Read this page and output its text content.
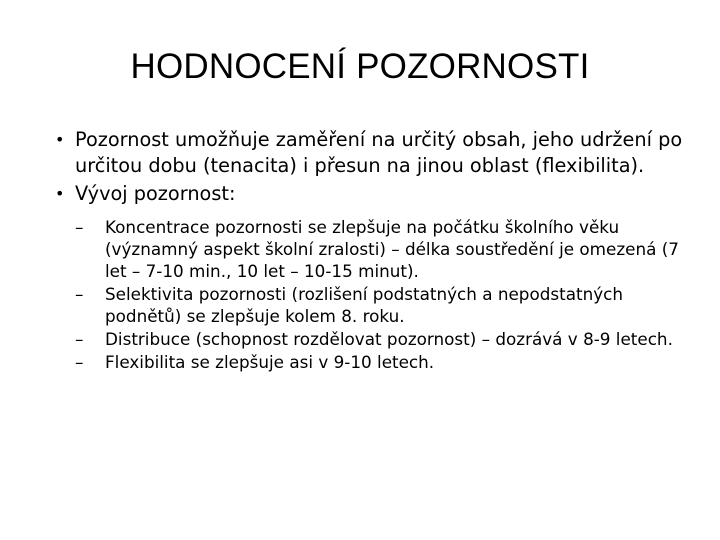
HODNOCENÍ POZORNOSTI
• Pozornost umožňuje zaměření na určitý obsah, jeho udržení po určitou dobu (tenacita) i přesun na jinou oblast (flexibilita).
• Vývoj pozornost:
– Koncentrace pozornosti se zlepšuje na počátku školního věku (významný aspekt školní zralosti) – délka soustředění je omezená (7 let – 7-10 min., 10 let – 10-15 minut).
– Selektivita pozornosti (rozlišení podstatných a nepodstatných podnětů) se zlepšuje kolem 8. roku.
– Distribuce (schopnost rozdělovat pozornost) – dozrává v 8-9 letech.
– Flexibilita se zlepšuje asi v 9-10 letech.
